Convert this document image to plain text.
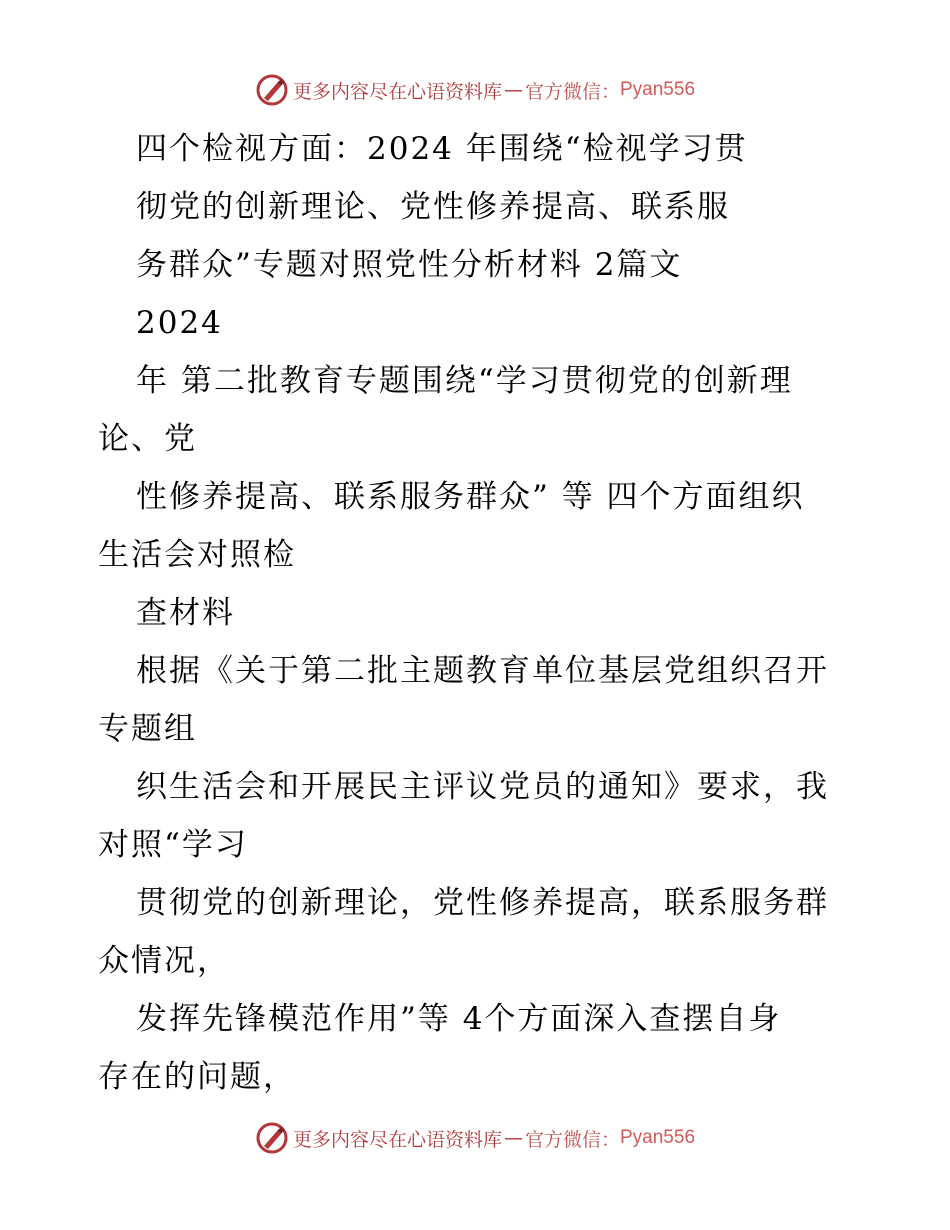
更多内容尽在心语资料库 — 官方微信： Pyan556
四个检视方面：2024 年围绕“检视学习贯
彻党的创新理论、党性修养提高、联系服
务群众”专题对照党性分析材料 2篇文
2024
年 第二批教育专题围绕“学习贯彻党的创新理
论、党
性修养提高、联系服务群众” 等 四个方面组织
生活会对照检
查材料
根据《关于第二批主题教育单位基层党组织召开
专题组
织生活会和开展民主评议党员的通知》要求，我
对照“学习
贯彻党的创新理论，党性修养提高，联系服务群
众情况，
发挥先锋模范作用”等 4个方面深入查摆自身
存在的问题，
更多内容尽在心语资料库 — 官方微信： Pyan556
